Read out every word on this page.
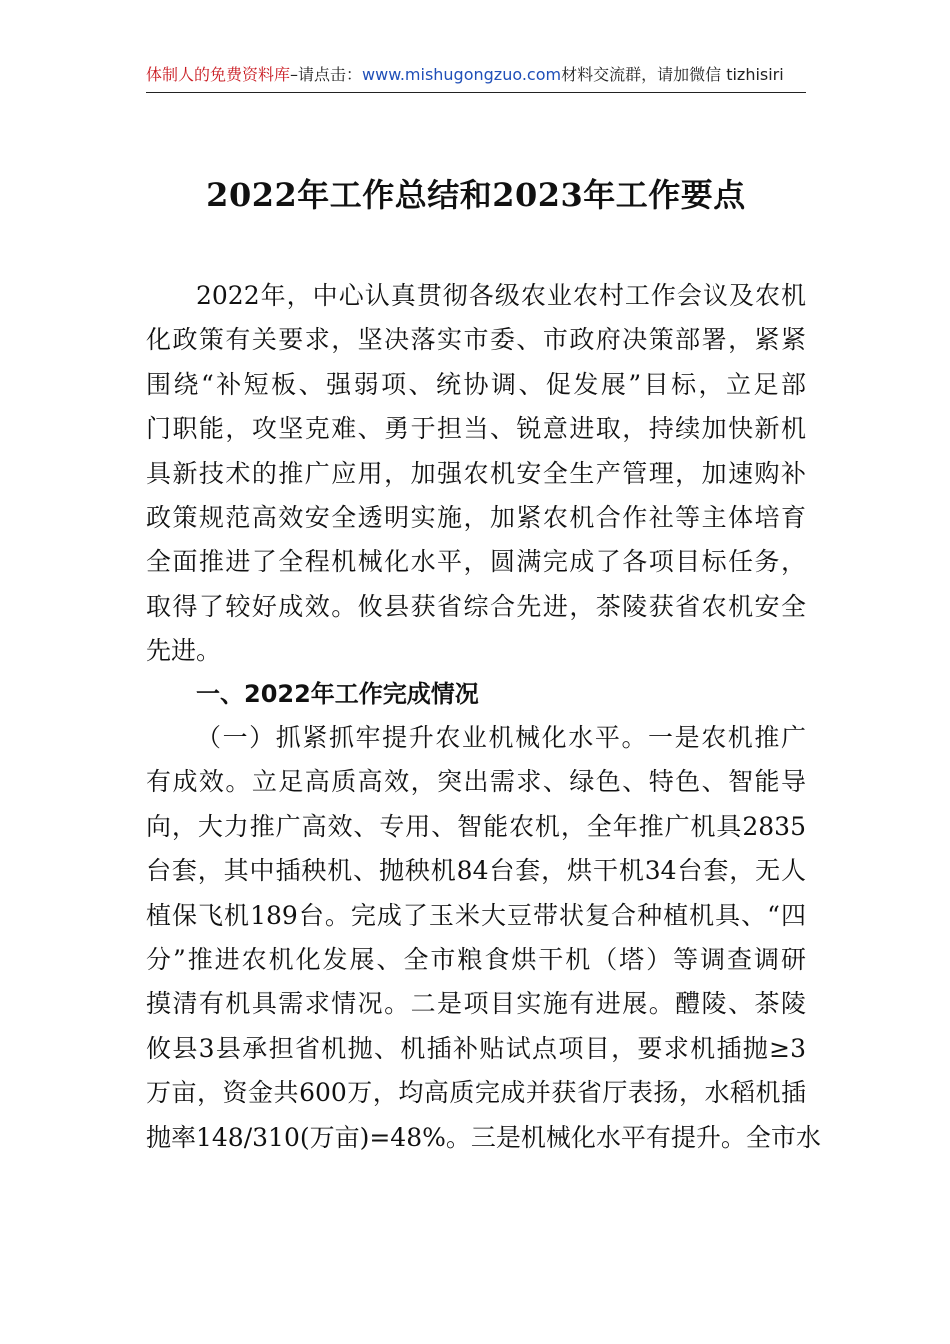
体制人的免费资料库–请点击：www.mishugongzuo.com材料交流群，请加微信 tizhisiri
2022年工作总结和2023年工作要点
2022年，中心认真贯彻各级农业农村工作会议及农机
化政策有关要求，坚决落实市委、市政府决策部署，紧紧
围绕“补短板、强弱项、统协调、促发展”目标，立足部
门职能，攻坚克难、勇于担当、锐意进取，持续加快新机
具新技术的推广应用，加强农机安全生产管理，加速购补
政策规范高效安全透明实施，加紧农机合作社等主体培育
全面推进了全程机械化水平，圆满完成了各项目标任务，
取得了较好成效。攸县获省综合先进，茶陵获省农机安全
先进。
一、2022年工作完成情况
（一）抓紧抓牢提升农业机械化水平。一是农机推广
有成效。立足高质高效，突出需求、绿色、特色、智能导
向，大力推广高效、专用、智能农机，全年推广机具2835
台套，其中插秧机、抛秧机84台套，烘干机34台套，无人
植保飞机189台。完成了玉米大豆带状复合种植机具、“四
分”推进农机化发展、全市粮食烘干机（塔）等调查调研
摸清有机具需求情况。二是项目实施有进展。醴陵、茶陵
攸县3县承担省机抛、机插补贴试点项目，要求机插抛≥3
万亩，资金共600万，均高质完成并获省厅表扬，水稻机插
抛率148/310(万亩)=48%。三是机械化水平有提升。全市水
